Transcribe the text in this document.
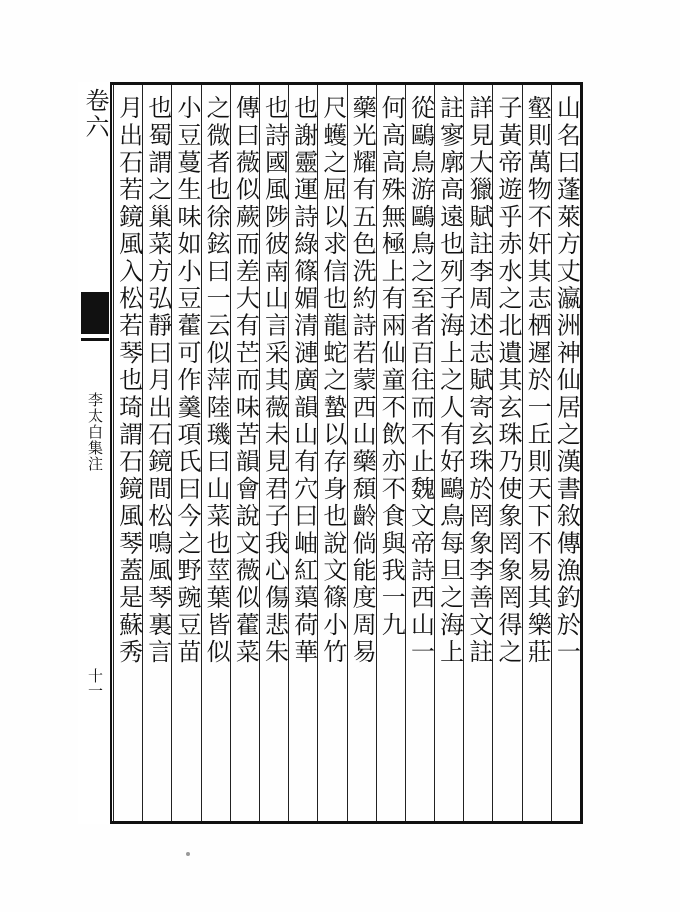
卷六
李太白集注
十一
山名曰蓬萊方丈瀛洲神仙居之漢書敘傳漁釣於一
壑則萬物不奸其志栖遲於一丘則天下不易其樂莊
子黃帝遊乎赤水之北遺其玄珠乃使象罔象罔得之
詳見大獵賦註李周述志賦寄玄珠於罔象李善文註
註寥廓高遠也列子海上之人有好鷗鳥每旦之海上
從鷗鳥游鷗鳥之至者百往而不止魏文帝詩西山一
何高高殊無極上有兩仙童不飲亦不食與我一九
藥光耀有五色洗約詩若蒙西山藥頹齡倘能度周易
尺蠖之屈以求信也龍蛇之蟄以存身也說文篠小竹
也謝靈運詩綠篠媚清漣廣韻山有穴曰岫紅蕖荷華
也詩國風陟彼南山言采其薇未見君子我心傷悲朱
傳曰薇似蕨而差大有芒而味苦韻會說文薇似藿菜
之微者也徐鉉曰一云似萍陸璣曰山菜也莖葉皆似
小豆蔓生味如小豆藿可作羹項氏曰今之野豌豆苗
也蜀謂之巢菜方弘靜曰月出石鏡間松鳴風琴裏言
月出石若鏡風入松若琴也琦謂石鏡風琴蓋是蘇秀
